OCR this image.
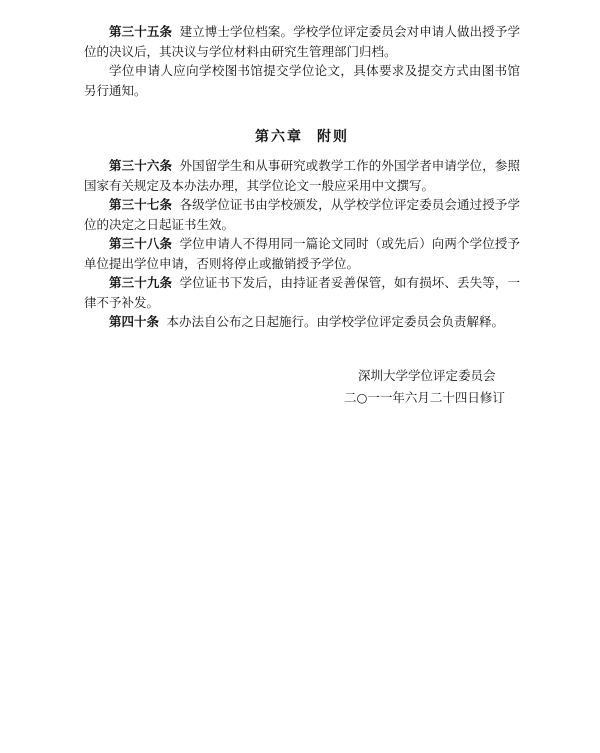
第三十五条 建立博士学位档案。学校学位评定委员会对申请人做出授予学位的决议后，其决议与学位材料由研究生管理部门归档。

学位申请人应向学校图书馆提交学位论文，具体要求及提交方式由图书馆另行通知。

第六章 附则

第三十六条 外国留学生和从事研究或教学工作的外国学者申请学位，参照国家有关规定及本办法办理，其学位论文一般应采用中文撰写。

第三十七条 各级学位证书由学校颁发，从学校学位评定委员会通过授予学位的决定之日起证书生效。

第三十八条 学位申请人不得用同一篇论文同时（或先后）向两个学位授予单位提出学位申请，否则将停止或撤销授予学位。

第三十九条 学位证书下发后，由持证者妥善保管，如有损坏、丢失等，一律不予补发。

第四十条 本办法自公布之日起施行。由学校学位评定委员会负责解释。

深圳大学学位评定委员会
二○一一年六月二十四日修订
